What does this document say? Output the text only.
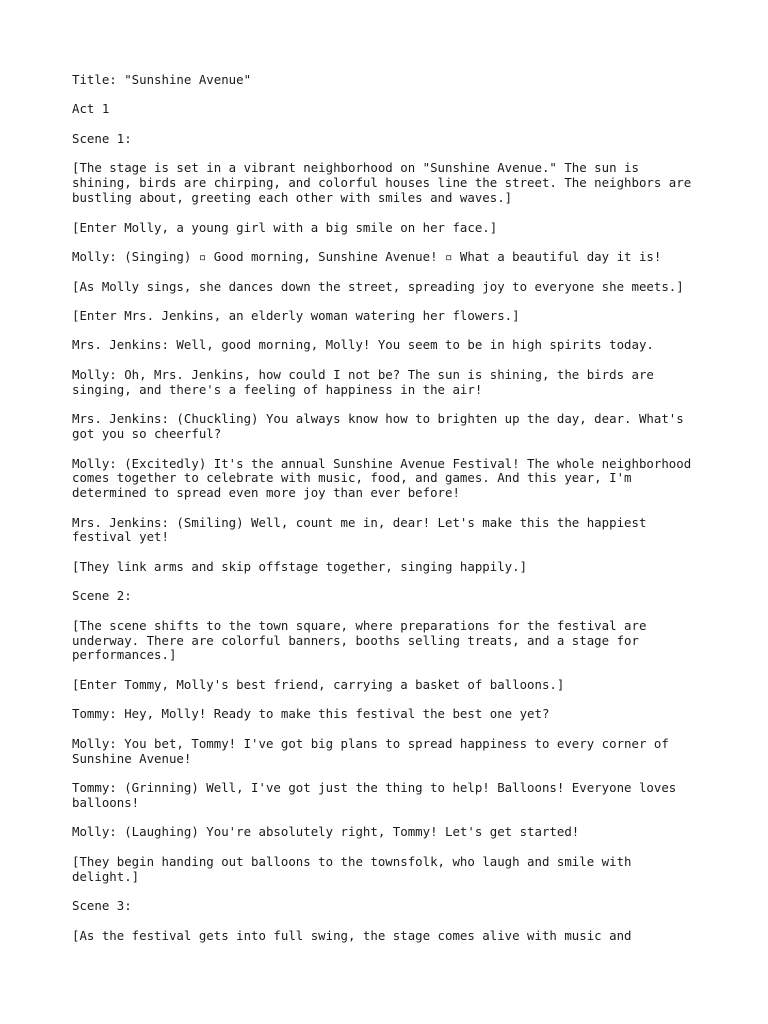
Title: "Sunshine Avenue"

Act 1

Scene 1:

[The stage is set in a vibrant neighborhood on "Sunshine Avenue." The sun is
shining, birds are chirping, and colorful houses line the street. The neighbors are
bustling about, greeting each other with smiles and waves.]

[Enter Molly, a young girl with a big smile on her face.]

Molly: (Singing) ▫ Good morning, Sunshine Avenue! ▫ What a beautiful day it is!

[As Molly sings, she dances down the street, spreading joy to everyone she meets.]

[Enter Mrs. Jenkins, an elderly woman watering her flowers.]

Mrs. Jenkins: Well, good morning, Molly! You seem to be in high spirits today.

Molly: Oh, Mrs. Jenkins, how could I not be? The sun is shining, the birds are
singing, and there's a feeling of happiness in the air!

Mrs. Jenkins: (Chuckling) You always know how to brighten up the day, dear. What's
got you so cheerful?

Molly: (Excitedly) It's the annual Sunshine Avenue Festival! The whole neighborhood
comes together to celebrate with music, food, and games. And this year, I'm
determined to spread even more joy than ever before!

Mrs. Jenkins: (Smiling) Well, count me in, dear! Let's make this the happiest
festival yet!

[They link arms and skip offstage together, singing happily.]

Scene 2:

[The scene shifts to the town square, where preparations for the festival are
underway. There are colorful banners, booths selling treats, and a stage for
performances.]

[Enter Tommy, Molly's best friend, carrying a basket of balloons.]

Tommy: Hey, Molly! Ready to make this festival the best one yet?

Molly: You bet, Tommy! I've got big plans to spread happiness to every corner of
Sunshine Avenue!

Tommy: (Grinning) Well, I've got just the thing to help! Balloons! Everyone loves
balloons!

Molly: (Laughing) You're absolutely right, Tommy! Let's get started!

[They begin handing out balloons to the townsfolk, who laugh and smile with
delight.]

Scene 3:

[As the festival gets into full swing, the stage comes alive with music and
